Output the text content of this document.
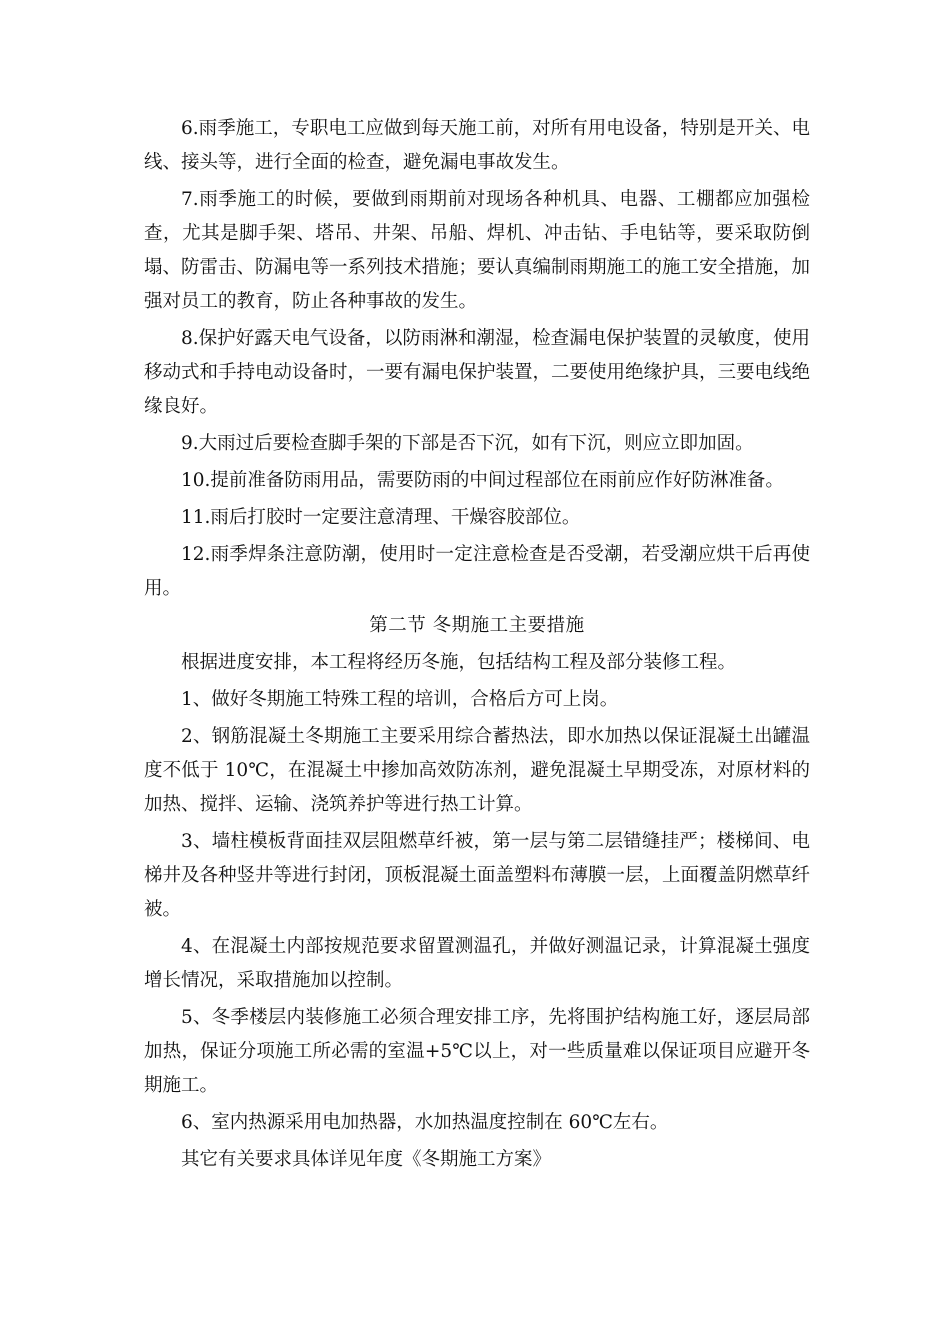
6.雨季施工，专职电工应做到每天施工前，对所有用电设备，特别是开关、电线、接头等，进行全面的检查，避免漏电事故发生。

7.雨季施工的时候，要做到雨期前对现场各种机具、电器、工棚都应加强检查，尤其是脚手架、塔吊、井架、吊船、焊机、冲击钻、手电钻等，要采取防倒塌、防雷击、防漏电等一系列技术措施；要认真编制雨期施工的施工安全措施，加强对员工的教育，防止各种事故的发生。

8.保护好露天电气设备，以防雨淋和潮湿，检查漏电保护装置的灵敏度，使用移动式和手持电动设备时，一要有漏电保护装置，二要使用绝缘护具，三要电线绝缘良好。

9.大雨过后要检查脚手架的下部是否下沉，如有下沉，则应立即加固。

10.提前准备防雨用品，需要防雨的中间过程部位在雨前应作好防淋准备。

11.雨后打胶时一定要注意清理、干燥容胶部位。

12.雨季焊条注意防潮，使用时一定注意检查是否受潮，若受潮应烘干后再使用。

第二节 冬期施工主要措施

根据进度安排，本工程将经历冬施，包括结构工程及部分装修工程。

1、做好冬期施工特殊工程的培训，合格后方可上岗。

2、钢筋混凝土冬期施工主要采用综合蓄热法，即水加热以保证混凝土出罐温度不低于 10℃，在混凝土中掺加高效防冻剂，避免混凝土早期受冻，对原材料的加热、搅拌、运输、浇筑养护等进行热工计算。

3、墙柱模板背面挂双层阻燃草纤被，第一层与第二层错缝挂严；楼梯间、电梯井及各种竖井等进行封闭，顶板混凝土面盖塑料布薄膜一层，上面覆盖阴燃草纤被。

4、在混凝土内部按规范要求留置测温孔，并做好测温记录，计算混凝土强度增长情况，采取措施加以控制。

5、冬季楼层内装修施工必须合理安排工序，先将围护结构施工好，逐层局部加热，保证分项施工所必需的室温+5℃以上，对一些质量难以保证项目应避开冬期施工。

6、室内热源采用电加热器，水加热温度控制在 60℃左右。

其它有关要求具体详见年度《冬期施工方案》
